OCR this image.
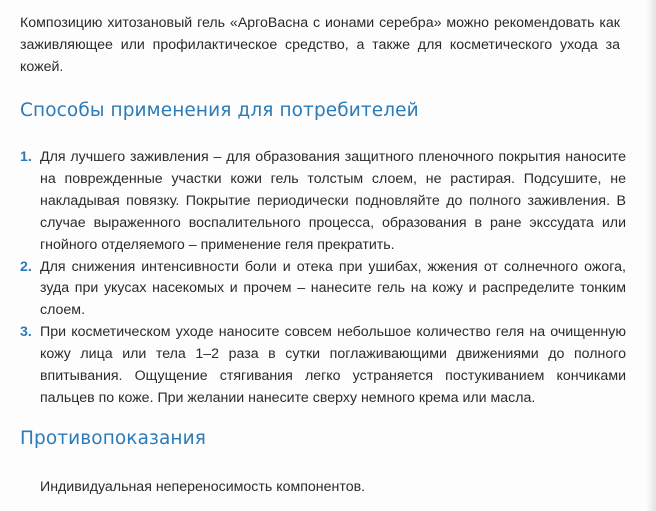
Композицию хитозановый гель «АргоВасна с ионами серебра» можно рекомендовать как заживляющее или профилактическое средство, а также для косметического ухода за кожей.

Способы применения для потребителей
1. Для лучшего заживления – для образования защитного пленочного покрытия наносите на поврежденные участки кожи гель толстым слоем, не растирая. Подсушите, не накладывая повязку. Покрытие периодически подновляйте до полного заживления. В случае выраженного воспалительного процесса, образования в ране экссудата или гнойного отделяемого – применение геля прекратить.
2. Для снижения интенсивности боли и отека при ушибах, жжения от солнечного ожога, зуда при укусах насекомых и прочем – нанесите гель на кожу и распределите тонким слоем.
3. При косметическом уходе наносите совсем небольшое количество геля на очищенную кожу лица или тела 1–2 раза в сутки поглаживающими движениями до полного впитывания. Ощущение стягивания легко устраняется постукиванием кончиками пальцев по коже. При желании нанесите сверху немного крема или масла.
Противопоказания

Индивидуальная непереносимость компонентов.
